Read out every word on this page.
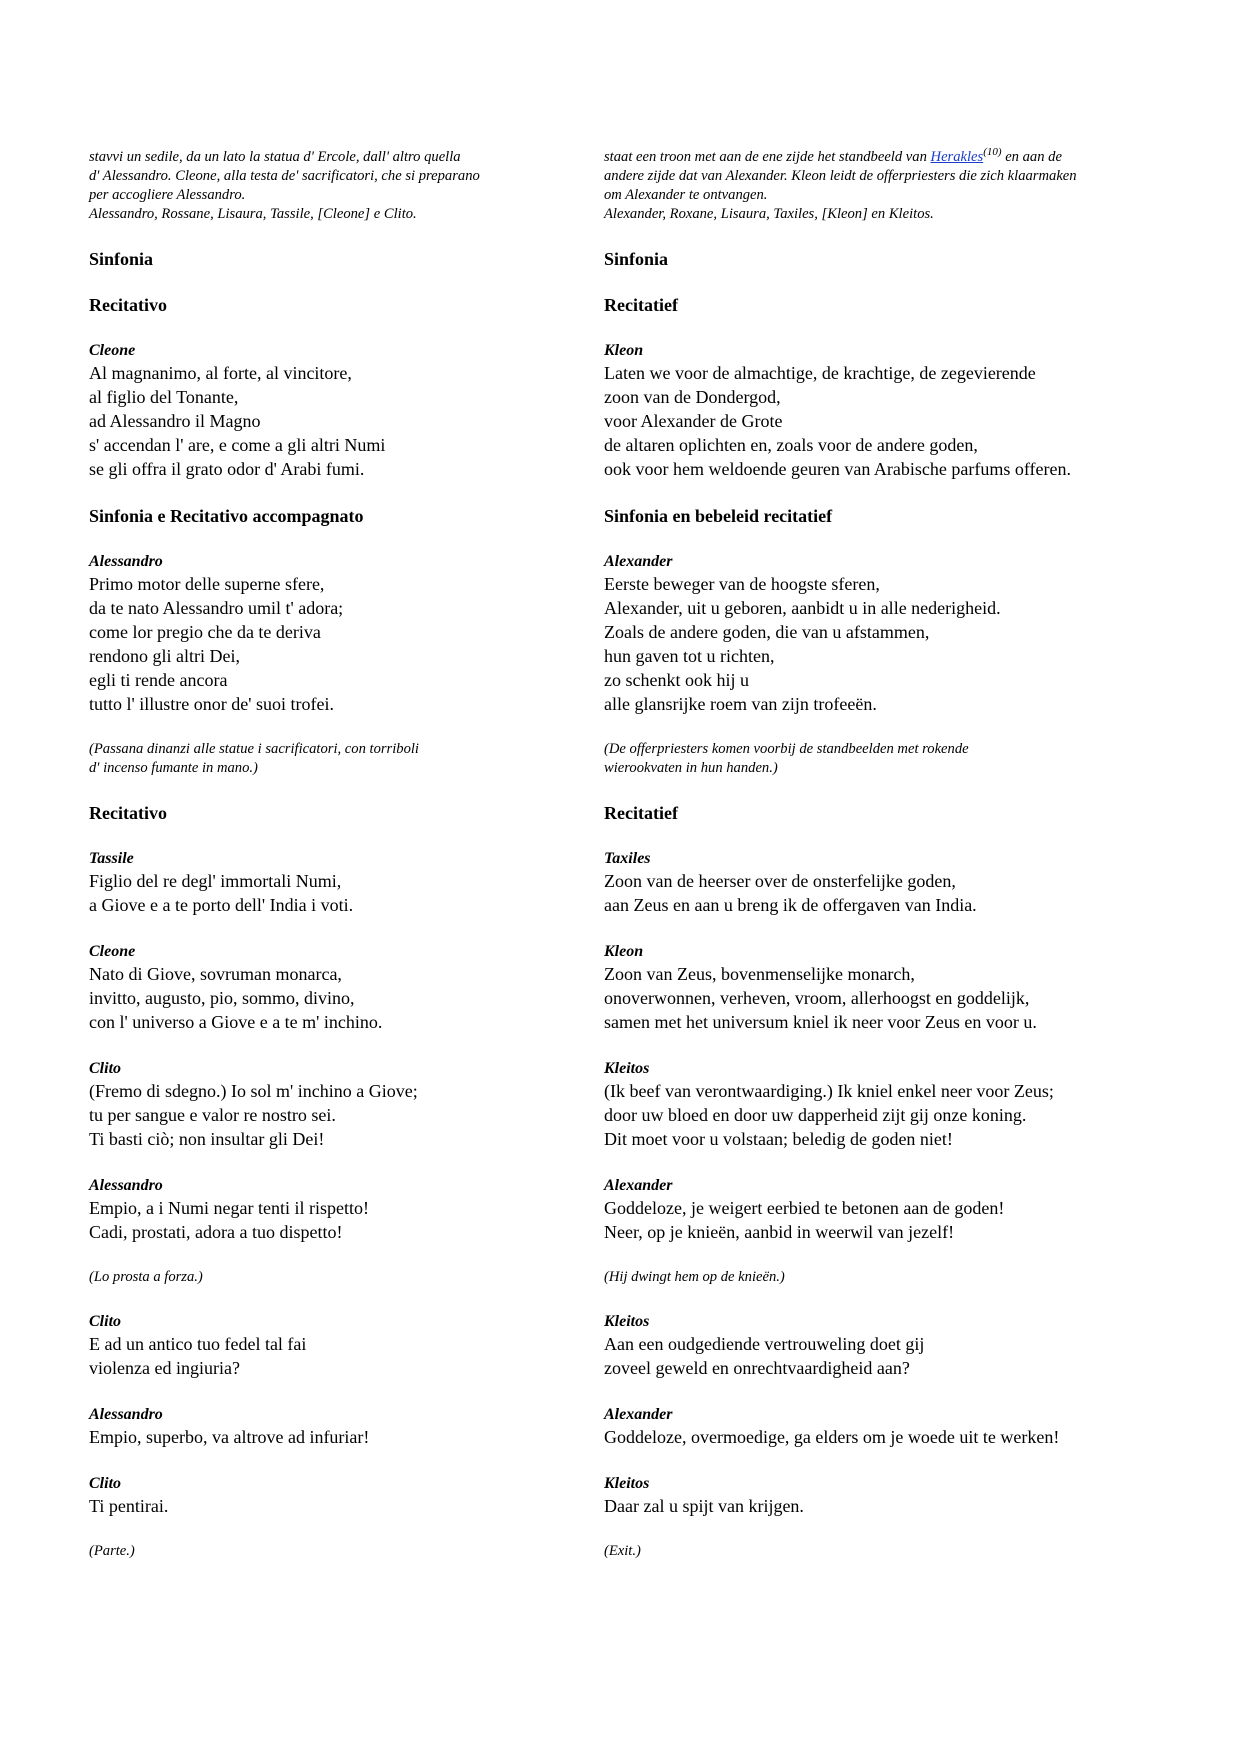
stavvi un sedile, da un lato la statua d' Ercole, dall' altro quella

d' Alessandro. Cleone, alla testa de' sacrificatori, che si preparano

per accogliere Alessandro.

Alessandro, Rossane, Lisaura, Tassile, [Cleone] e Clito.

Sinfonia
Recitativo
Cleone

Al magnanimo, al forte, al vincitore,

al figlio del Tonante,

ad Alessandro il Magno

s' accendan l' are, e come a gli altri Numi

se gli offra il grato odor d' Arabi fumi.

Sinfonia e Recitativo accompagnato
Alessandro

Primo motor delle superne sfere,

da te nato Alessandro umil t' adora;

come lor pregio che da te deriva

rendono gli altri Dei,

egli ti rende ancora

tutto l' illustre onor de' suoi trofei.

(Passana dinanzi alle statue i sacrificatori, con torriboli

d' incenso fumante in mano.)

Recitativo
Tassile

Figlio del re degl' immortali Numi,

a Giove e a te porto dell' India i voti.

Cleone

Nato di Giove, sovruman monarca,

invitto, augusto, pio, sommo, divino,

con l' universo a Giove e a te m' inchino.

Clito

(Fremo di sdegno.) Io sol m' inchino a Giove;

tu per sangue e valor re nostro sei.

Ti basti ciò; non insultar gli Dei!

Alessandro

Empio, a i Numi negar tenti il rispetto!

Cadi, prostati, adora a tuo dispetto!

(Lo prosta a forza.)
Clito

E ad un antico tuo fedel tal fai

violenza ed ingiuria?

Alessandro

Empio, superbo, va altrove ad infuriar!

Clito

Ti pentirai.

(Parte.)

staat een troon met aan de ene zijde het standbeeld van Herakles$^{(10)}$ en aan de

andere zijde dat van Alexander. Kleon leidt de offerpriesters die zich klaarmaken

om Alexander te ontvangen.

Alexander, Roxane, Lisaura, Taxiles, [Kleon] en Kleitos.

Sinfonia
Recitatief
Kleon

Laten we voor de almachtige, de krachtige, de zegevierende

zoon van de Dondergod,

voor Alexander de Grote

de altaren oplichten en, zoals voor de andere goden,

ook voor hem weldoende geuren van Arabische parfums offeren.

Sinfonia en bebeleid recitatief
Alexander

Eerste beweger van de hoogste sferen,

Alexander, uit u geboren, aanbidt u in alle nederigheid.

Zoals de andere goden, die van u afstammen,

hun gaven tot u richten,

zo schenkt ook hij u

alle glansrijke roem van zijn trofeeën.

(De offerpriesters komen voorbij de standbeelden met rokende

wierookvaten in hun handen.)

Recitatief
Taxiles

Zoon van de heerser over de onsterfelijke goden,

aan Zeus en aan u breng ik de offergaven van India.

Kleon

Zoon van Zeus, bovenmenselijke monarch,

onoverwonnen, verheven, vroom, allerhoogst en goddelijk,

samen met het universum kniel ik neer voor Zeus en voor u.

Kleitos

(Ik beef van verontwaardiging.) Ik kniel enkel neer voor Zeus;

door uw bloed en door uw dapperheid zijt gij onze koning.

Dit moet voor u volstaan; beledig de goden niet!

Alexander

Goddeloze, je weigert eerbied te betonen aan de goden!

Neer, op je knieën, aanbid in weerwil van jezelf!

(Hij dwingt hem op de knieën.)
Kleitos

Aan een oudgediende vertrouweling doet gij

zoveel geweld en onrechtvaardigheid aan?

Alexander

Goddeloze, overmoedige, ga elders om je woede uit te werken!

Kleitos

Daar zal u spijt van krijgen.

(Exit.)
